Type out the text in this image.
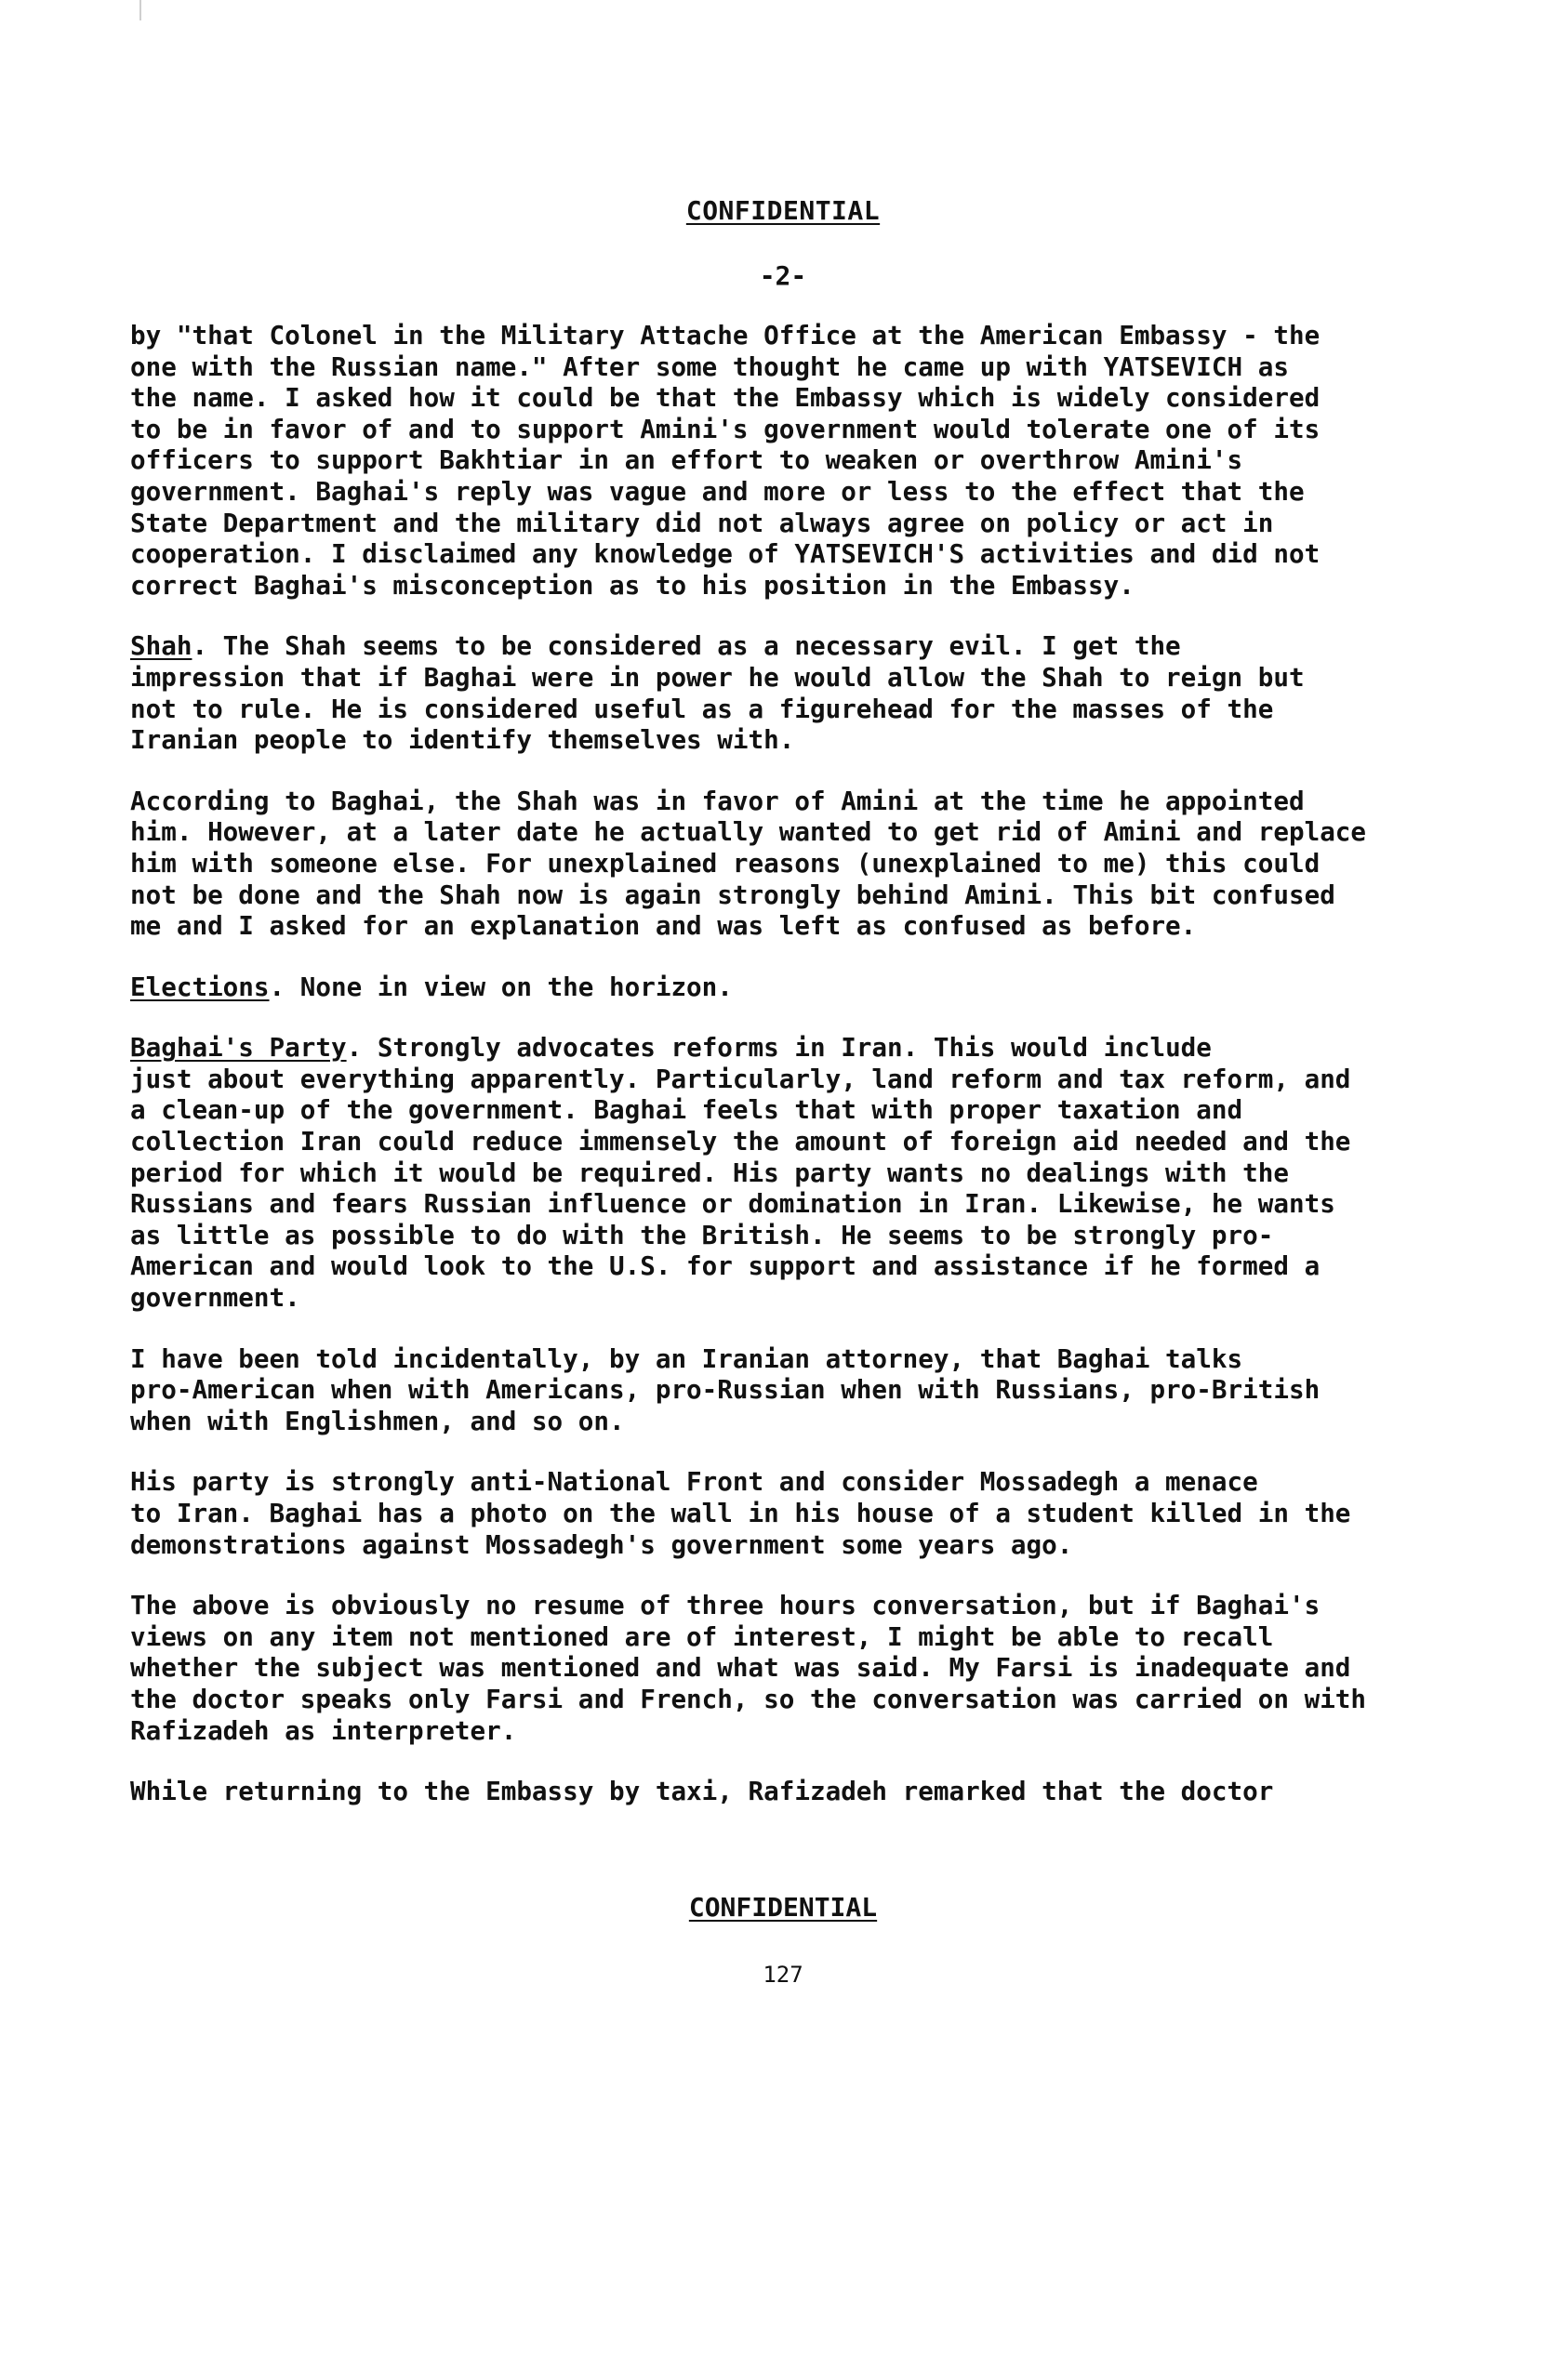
CONFIDENTIAL
-2-

by "that Colonel in the Military Attache Office at the American Embassy - the
one with the Russian name." After some thought he came up with YATSEVICH as
the name. I asked how it could be that the Embassy which is widely considered
to be in favor of and to support Amini's government would tolerate one of its
officers to support Bakhtiar in an effort to weaken or overthrow Amini's
government. Baghai's reply was vague and more or less to the effect that the
State Department and the military did not always agree on policy or act in
cooperation. I disclaimed any knowledge of YATSEVICH'S activities and did not
correct Baghai's misconception as to his position in the Embassy.

Shah. The Shah seems to be considered as a necessary evil. I get the
impression that if Baghai were in power he would allow the Shah to reign but
not to rule. He is considered useful as a figurehead for the masses of the
Iranian people to identify themselves with.

According to Baghai, the Shah was in favor of Amini at the time he appointed
him. However, at a later date he actually wanted to get rid of Amini and replace
him with someone else. For unexplained reasons (unexplained to me) this could
not be done and the Shah now is again strongly behind Amini. This bit confused
me and I asked for an explanation and was left as confused as before.

Elections. None in view on the horizon.

Baghai's Party. Strongly advocates reforms in Iran. This would include
just about everything apparently. Particularly, land reform and tax reform, and
a clean-up of the government. Baghai feels that with proper taxation and
collection Iran could reduce immensely the amount of foreign aid needed and the
period for which it would be required. His party wants no dealings with the
Russians and fears Russian influence or domination in Iran. Likewise, he wants
as little as possible to do with the British. He seems to be strongly pro-
American and would look to the U.S. for support and assistance if he formed a
government.

I have been told incidentally, by an Iranian attorney, that Baghai talks
pro-American when with Americans, pro-Russian when with Russians, pro-British
when with Englishmen, and so on.

His party is strongly anti-National Front and consider Mossadegh a menace
to Iran. Baghai has a photo on the wall in his house of a student killed in the
demonstrations against Mossadegh's government some years ago.

The above is obviously no resume of three hours conversation, but if Baghai's
views on any item not mentioned are of interest, I might be able to recall
whether the subject was mentioned and what was said. My Farsi is inadequate and
the doctor speaks only Farsi and French, so the conversation was carried on with
Rafizadeh as interpreter.

While returning to the Embassy by taxi, Rafizadeh remarked that the doctor

CONFIDENTIAL
127
